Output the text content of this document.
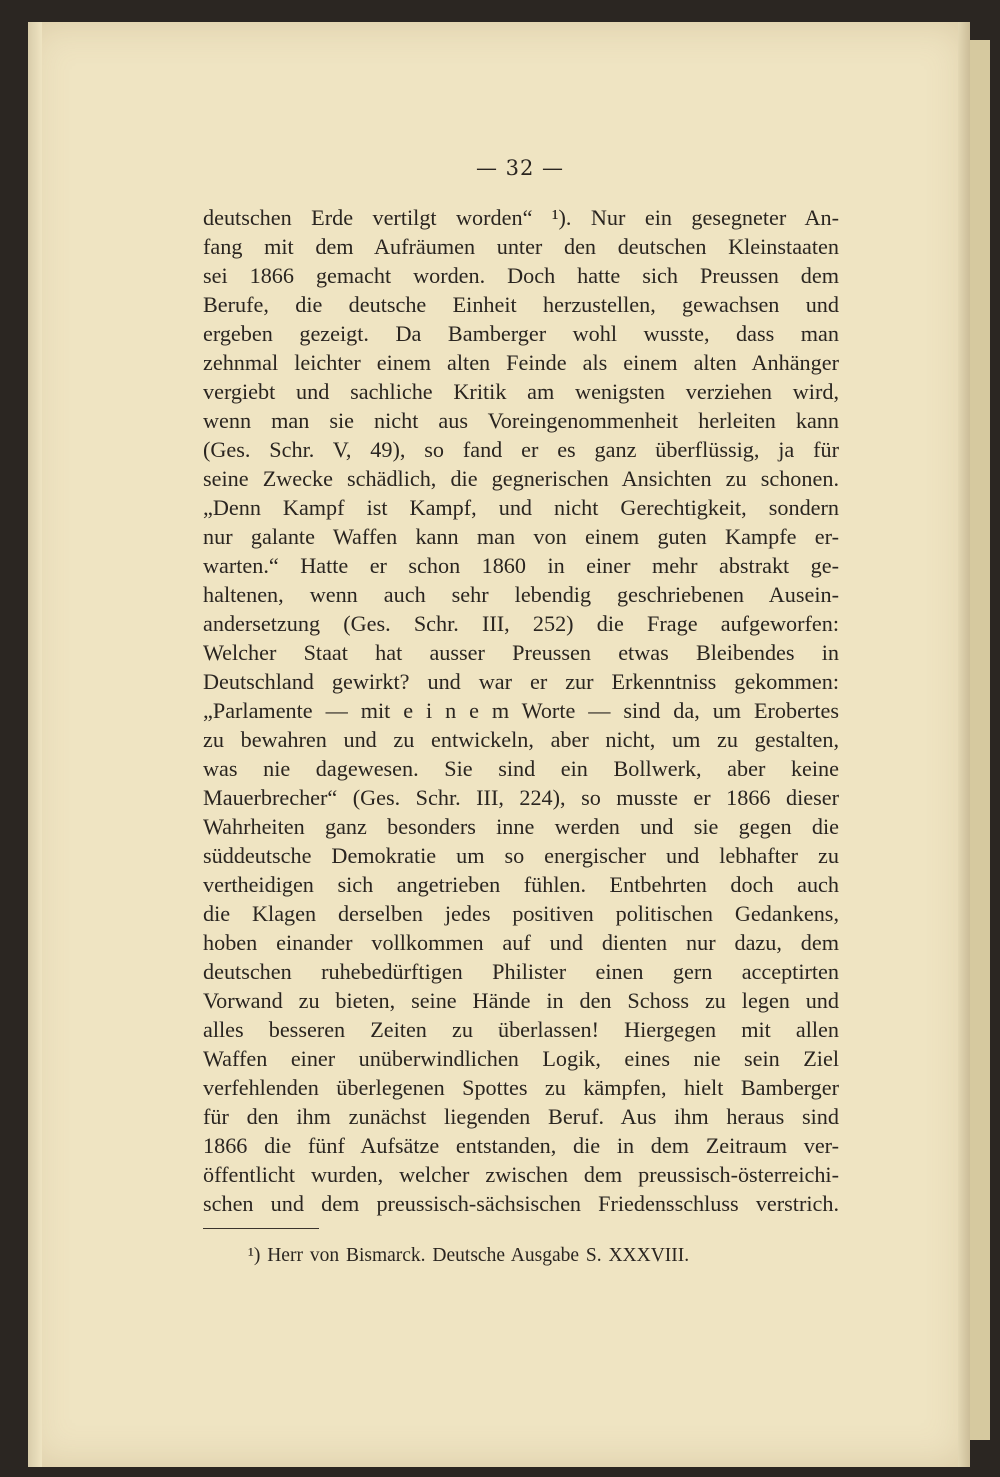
— 32 —
deutschen Erde vertilgt worden“ ¹). Nur ein gesegneter An-
fang mit dem Aufräumen unter den deutschen Kleinstaaten
sei 1866 gemacht worden. Doch hatte sich Preussen dem
Berufe, die deutsche Einheit herzustellen, gewachsen und
ergeben gezeigt. Da Bamberger wohl wusste, dass man
zehnmal leichter einem alten Feinde als einem alten Anhänger
vergiebt und sachliche Kritik am wenigsten verziehen wird,
wenn man sie nicht aus Voreingenommenheit herleiten kann
(Ges. Schr. V, 49), so fand er es ganz überflüssig, ja für
seine Zwecke schädlich, die gegnerischen Ansichten zu schonen.
„Denn Kampf ist Kampf, und nicht Gerechtigkeit, sondern
nur galante Waffen kann man von einem guten Kampfe er-
warten.“ Hatte er schon 1860 in einer mehr abstrakt ge-
haltenen, wenn auch sehr lebendig geschriebenen Ausein-
andersetzung (Ges. Schr. III, 252) die Frage aufgeworfen:
Welcher Staat hat ausser Preussen etwas Bleibendes in
Deutschland gewirkt? und war er zur Erkenntniss gekommen:
„Parlamente — mit e i n e m Worte — sind da, um Erobertes
zu bewahren und zu entwickeln, aber nicht, um zu gestalten,
was nie dagewesen. Sie sind ein Bollwerk, aber keine
Mauerbrecher“ (Ges. Schr. III, 224), so musste er 1866 dieser
Wahrheiten ganz besonders inne werden und sie gegen die
süddeutsche Demokratie um so energischer und lebhafter zu
vertheidigen sich angetrieben fühlen. Entbehrten doch auch
die Klagen derselben jedes positiven politischen Gedankens,
hoben einander vollkommen auf und dienten nur dazu, dem
deutschen ruhebedürftigen Philister einen gern acceptirten
Vorwand zu bieten, seine Hände in den Schoss zu legen und
alles besseren Zeiten zu überlassen! Hiergegen mit allen
Waffen einer unüberwindlichen Logik, eines nie sein Ziel
verfehlenden überlegenen Spottes zu kämpfen, hielt Bamberger
für den ihm zunächst liegenden Beruf. Aus ihm heraus sind
1866 die fünf Aufsätze entstanden, die in dem Zeitraum ver-
öffentlicht wurden, welcher zwischen dem preussisch-österreichi-
schen und dem preussisch-sächsischen Friedensschluss verstrich.
¹) Herr von Bismarck. Deutsche Ausgabe S. XXXVIII.
